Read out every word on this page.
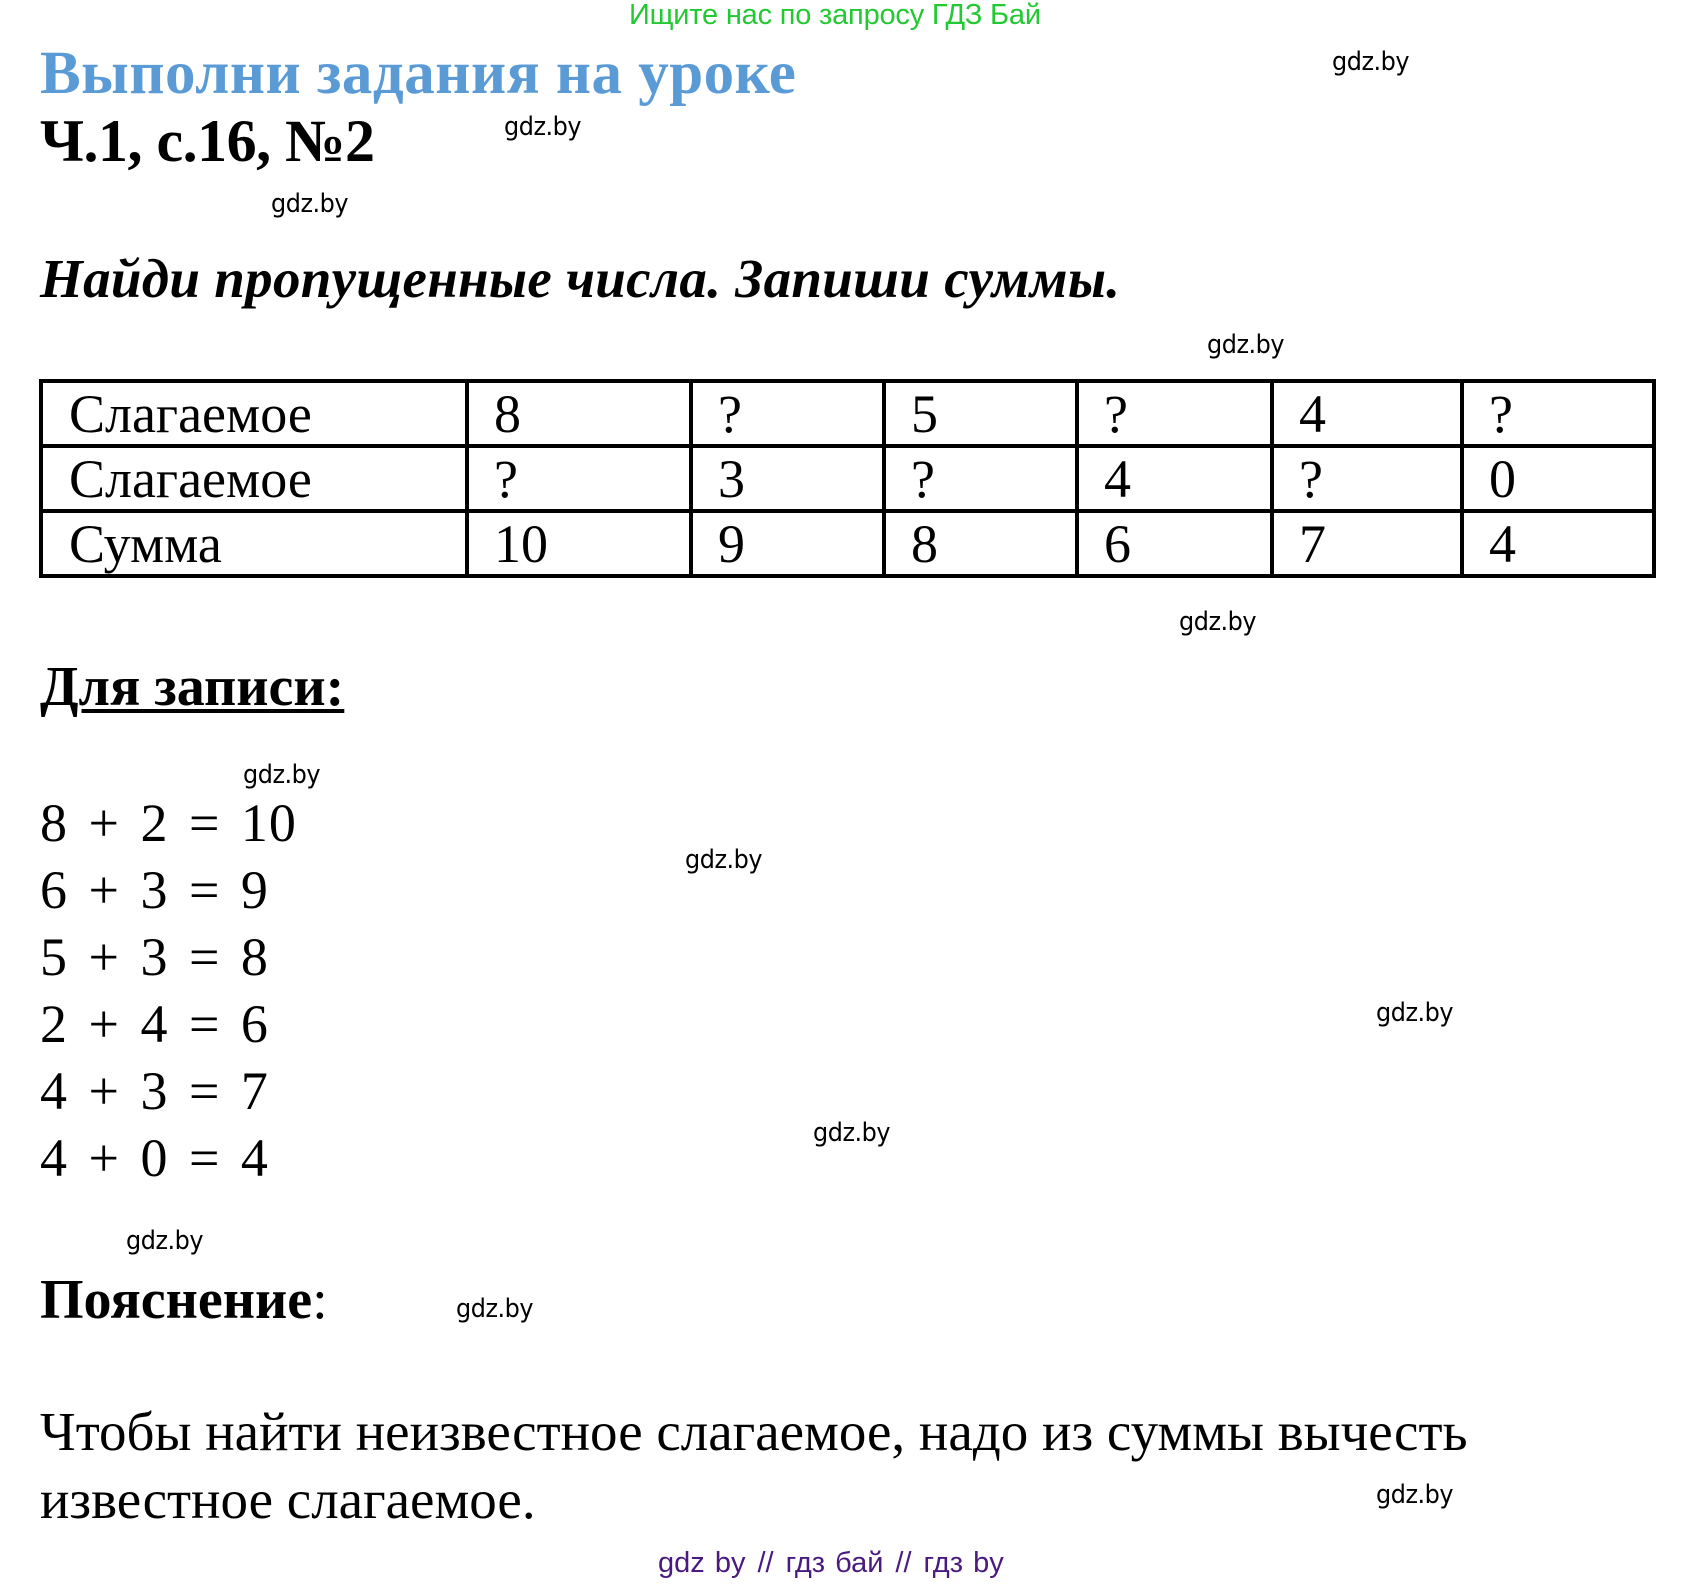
Ищите нас по запросу ГДЗ Бай
Выполни задания на уроке
Ч.1, с.16, №2
Найди пропущенные числа. Запиши суммы.
Слагаемое	8	?	5	?	4	?
Слагаемое	?	3	?	4	?	0
Сумма	10	9	8	6	7	4
Для записи:
8 + 2 = 10
6 + 3 = 9
5 + 3 = 8
2 + 4 = 6
4 + 3 = 7
4 + 0 = 4
Пояснение:

Чтобы найти неизвестное слагаемое, надо из суммы вычесть известное слагаемое.

gdz.by
gdz.by
gdz.by
gdz.by
gdz.by
gdz.by
gdz.by
gdz.by
gdz.by
gdz.by
gdz.by
gdz.by
gdz by // гдз бай // гдз by
